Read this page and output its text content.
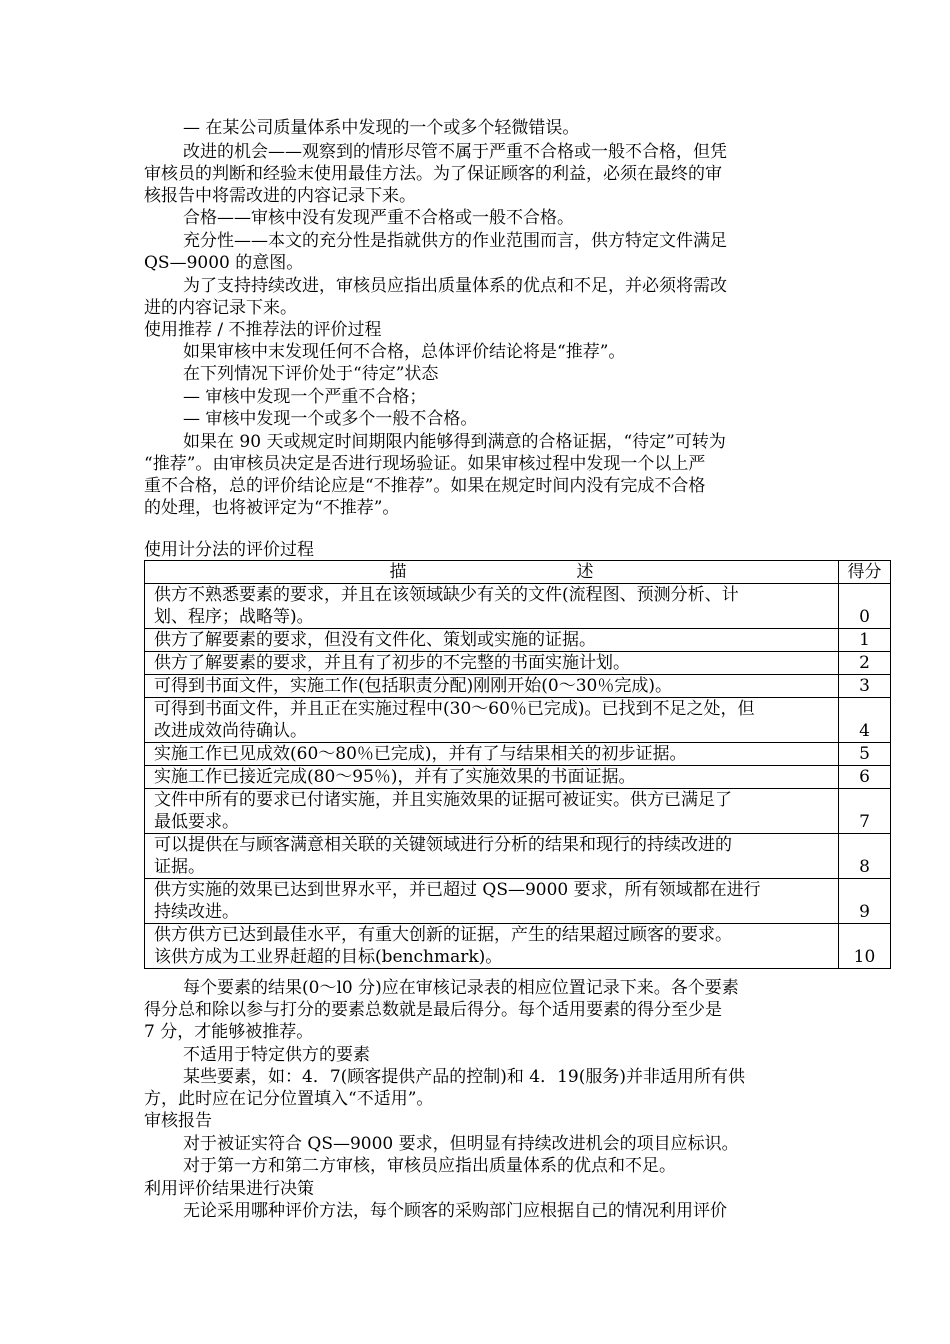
— 在某公司质量体系中发现的一个或多个轻微错误。

改进的机会——观察到的情形尽管不属于严重不合格或一般不合格，但凭

审核员的判断和经验末使用最佳方法。为了保证顾客的利益，必须在最终的审

核报告中将需改进的内容记录下来。

合格——审核中没有发现严重不合格或一般不合格。

充分性——本文的充分性是指就供方的作业范围而言，供方特定文件满足

QS—9000 的意图。

为了支持持续改进，审核员应指出质量体系的优点和不足，并必须将需改

进的内容记录下来。

使用推荐 / 不推荐法的评价过程

如果审核中末发现任何不合格，总体评价结论将是“推荐”。

在下列情况下评价处于“待定”状态

— 审核中发现一个严重不合格；

— 审核中发现一个或多个一般不合格。

如果在 90 天或规定时间期限内能够得到满意的合格证据，“待定”可转为

“推荐”。由审核员决定是否进行现场验证。如果审核过程中发现一个以上严

重不合格，总的评价结论应是“不推荐”。如果在规定时间内没有完成不合格

的处理，也将被评定为“不推荐”。

使用计分法的评价过程

描 述	得分
供方不熟悉要素的要求，并且在该领域缺少有关的文件(流程图、预测分析、计
划、程序；战略等)。	0
供方了解要素的要求，但没有文件化、策划或实施的证据。	1
供方了解要素的要求，并且有了初步的不完整的书面实施计划。	2
可得到书面文件，实施工作(包括职责分配)刚刚开始(0～30％完成)。	3
可得到书面文件，并且正在实施过程中(30～60％已完成)。已找到不足之处，但
改进成效尚待确认。	4
实施工作已见成效(60～80％已完成)，并有了与结果相关的初步证据。	5
实施工作已接近完成(80～95％)，并有了实施效果的书面证据。	6
文件中所有的要求已付诸实施，并且实施效果的证据可被证实。供方已满足了
最低要求。	7
可以提供在与顾客满意相关联的关键领域进行分析的结果和现行的持续改进的
证据。	8
供方实施的效果已达到世界水平，并已超过 QS—9000 要求，所有领域都在进行
持续改进。	9
供方供方已达到最佳水平，有重大创新的证据，产生的结果超过顾客的要求。
该供方成为工业界赶超的目标(benchmark)。	10

每个要素的结果(0～l0 分)应在审核记录表的相应位置记录下来。各个要素

得分总和除以参与打分的要素总数就是最后得分。每个适用要素的得分至少是

7 分，才能够被推荐。

不适用于特定供方的要素

某些要素，如：4．7(顾客提供产品的控制)和 4．19(服务)并非适用所有供

方，此时应在记分位置填入“不适用”。

审核报告

对于被证实符合 QS—9000 要求，但明显有持续改进机会的项目应标识。

对于第一方和第二方审核，审核员应指出质量体系的优点和不足。

利用评价结果进行决策

无论采用哪种评价方法，每个顾客的采购部门应根据自己的情况利用评价
